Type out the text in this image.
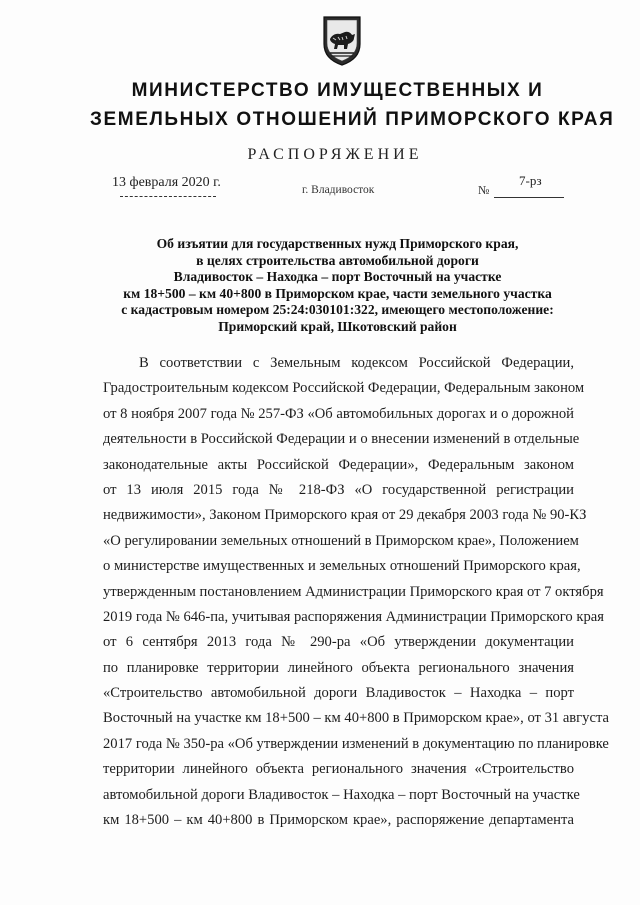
МИНИСТЕРСТВО ИМУЩЕСТВЕННЫХ И
ЗЕМЕЛЬНЫХ ОТНОШЕНИЙ ПРИМОРСКОГО КРАЯ
РАСПОРЯЖЕНИЕ
13 февраля 2020 г.	г. Владивосток	№
7-рз
Об изъятии для государственных нужд Приморского края,
в целях строительства автомобильной дороги
Владивосток – Находка – порт Восточный на участке
км 18+500 – км 40+800 в Приморском крае, части земельного участка
с кадастровым номером 25:24:030101:322, имеющего местоположение:
Приморский край, Шкотовский район
В соответствии с Земельным кодексом Российской Федерации,
Градостроительным кодексом Российской Федерации, Федеральным законом
от 8 ноября 2007 года № 257-ФЗ «Об автомобильных дорогах и о дорожной
деятельности в Российской Федерации и о внесении изменений в отдельные
законодательные акты Российской Федерации», Федеральным законом
от 13 июля 2015 года № 218-ФЗ «О государственной регистрации
недвижимости», Законом Приморского края от 29 декабря 2003 года № 90-КЗ
«О регулировании земельных отношений в Приморском крае», Положением
о министерстве имущественных и земельных отношений Приморского края,
утвержденным постановлением Администрации Приморского края от 7 октября
2019 года № 646-па, учитывая распоряжения Администрации Приморского края
от 6 сентября 2013 года № 290-ра «Об утверждении документации
по планировке территории линейного объекта регионального значения
«Строительство автомобильной дороги Владивосток – Находка – порт
Восточный на участке км 18+500 – км 40+800 в Приморском крае», от 31 августа
2017 года № 350-ра «Об утверждении изменений в документацию по планировке
территории линейного объекта регионального значения «Строительство
автомобильной дороги Владивосток – Находка – порт Восточный на участке
км 18+500 – км 40+800 в Приморском крае», распоряжение департамента
